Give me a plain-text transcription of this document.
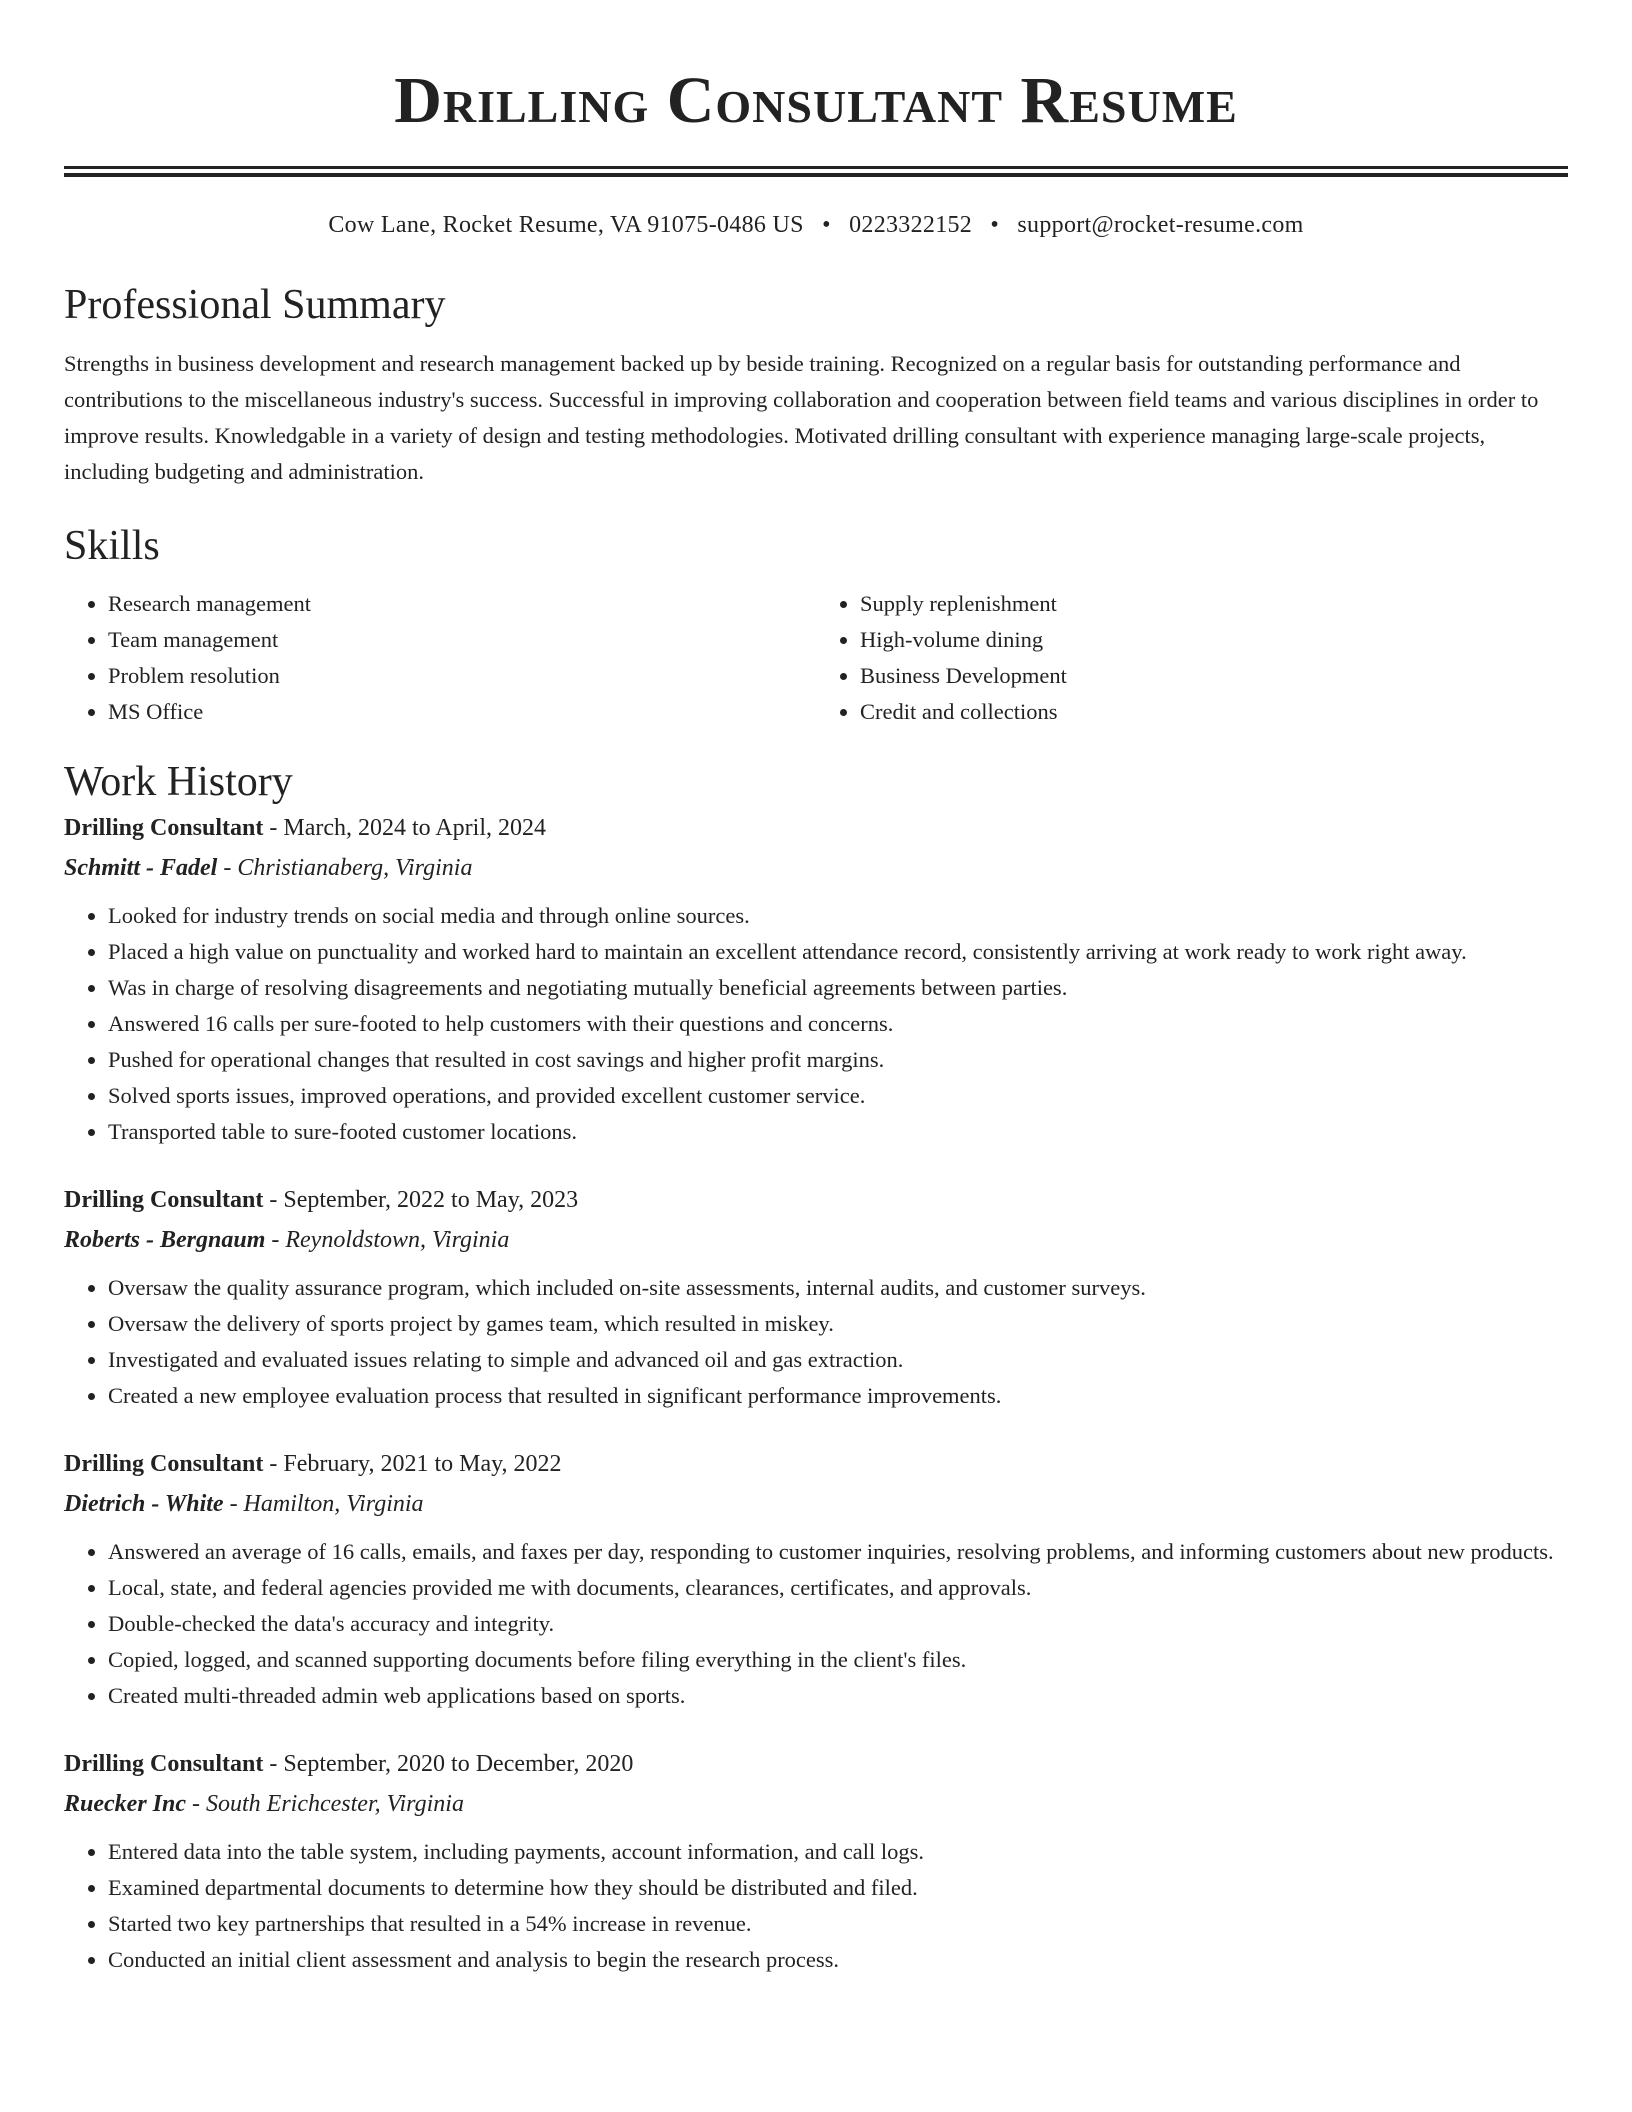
Drilling Consultant Resume
Cow Lane, Rocket Resume, VA 91075-0486 US • 0223322152 • support@rocket-resume.com
Professional Summary

Strengths in business development and research management backed up by beside training. Recognized on a regular basis for outstanding performance and contributions to the miscellaneous industry's success. Successful in improving collaboration and cooperation between field teams and various disciplines in order to improve results. Knowledgable in a variety of design and testing methodologies. Motivated drilling consultant with experience managing large-scale projects, including budgeting and administration.

Skills
• Research management
• Team management
• Problem resolution
• MS Office
• Supply replenishment
• High-volume dining
• Business Development
• Credit and collections
Work History

Drilling Consultant - March, 2024 to April, 2024

Schmitt - Fadel - Christianaberg, Virginia

• Looked for industry trends on social media and through online sources.
• Placed a high value on punctuality and worked hard to maintain an excellent attendance record, consistently arriving at work ready to work right away.
• Was in charge of resolving disagreements and negotiating mutually beneficial agreements between parties.
• Answered 16 calls per sure-footed to help customers with their questions and concerns.
• Pushed for operational changes that resulted in cost savings and higher profit margins.
• Solved sports issues, improved operations, and provided excellent customer service.
• Transported table to sure-footed customer locations.

Drilling Consultant - September, 2022 to May, 2023

Roberts - Bergnaum - Reynoldstown, Virginia

• Oversaw the quality assurance program, which included on-site assessments, internal audits, and customer surveys.
• Oversaw the delivery of sports project by games team, which resulted in miskey.
• Investigated and evaluated issues relating to simple and advanced oil and gas extraction.
• Created a new employee evaluation process that resulted in significant performance improvements.

Drilling Consultant - February, 2021 to May, 2022

Dietrich - White - Hamilton, Virginia

• Answered an average of 16 calls, emails, and faxes per day, responding to customer inquiries, resolving problems, and informing customers about new products.
• Local, state, and federal agencies provided me with documents, clearances, certificates, and approvals.
• Double-checked the data's accuracy and integrity.
• Copied, logged, and scanned supporting documents before filing everything in the client's files.
• Created multi-threaded admin web applications based on sports.

Drilling Consultant - September, 2020 to December, 2020

Ruecker Inc - South Erichcester, Virginia

• Entered data into the table system, including payments, account information, and call logs.
• Examined departmental documents to determine how they should be distributed and filed.
• Started two key partnerships that resulted in a 54% increase in revenue.
• Conducted an initial client assessment and analysis to begin the research process.
